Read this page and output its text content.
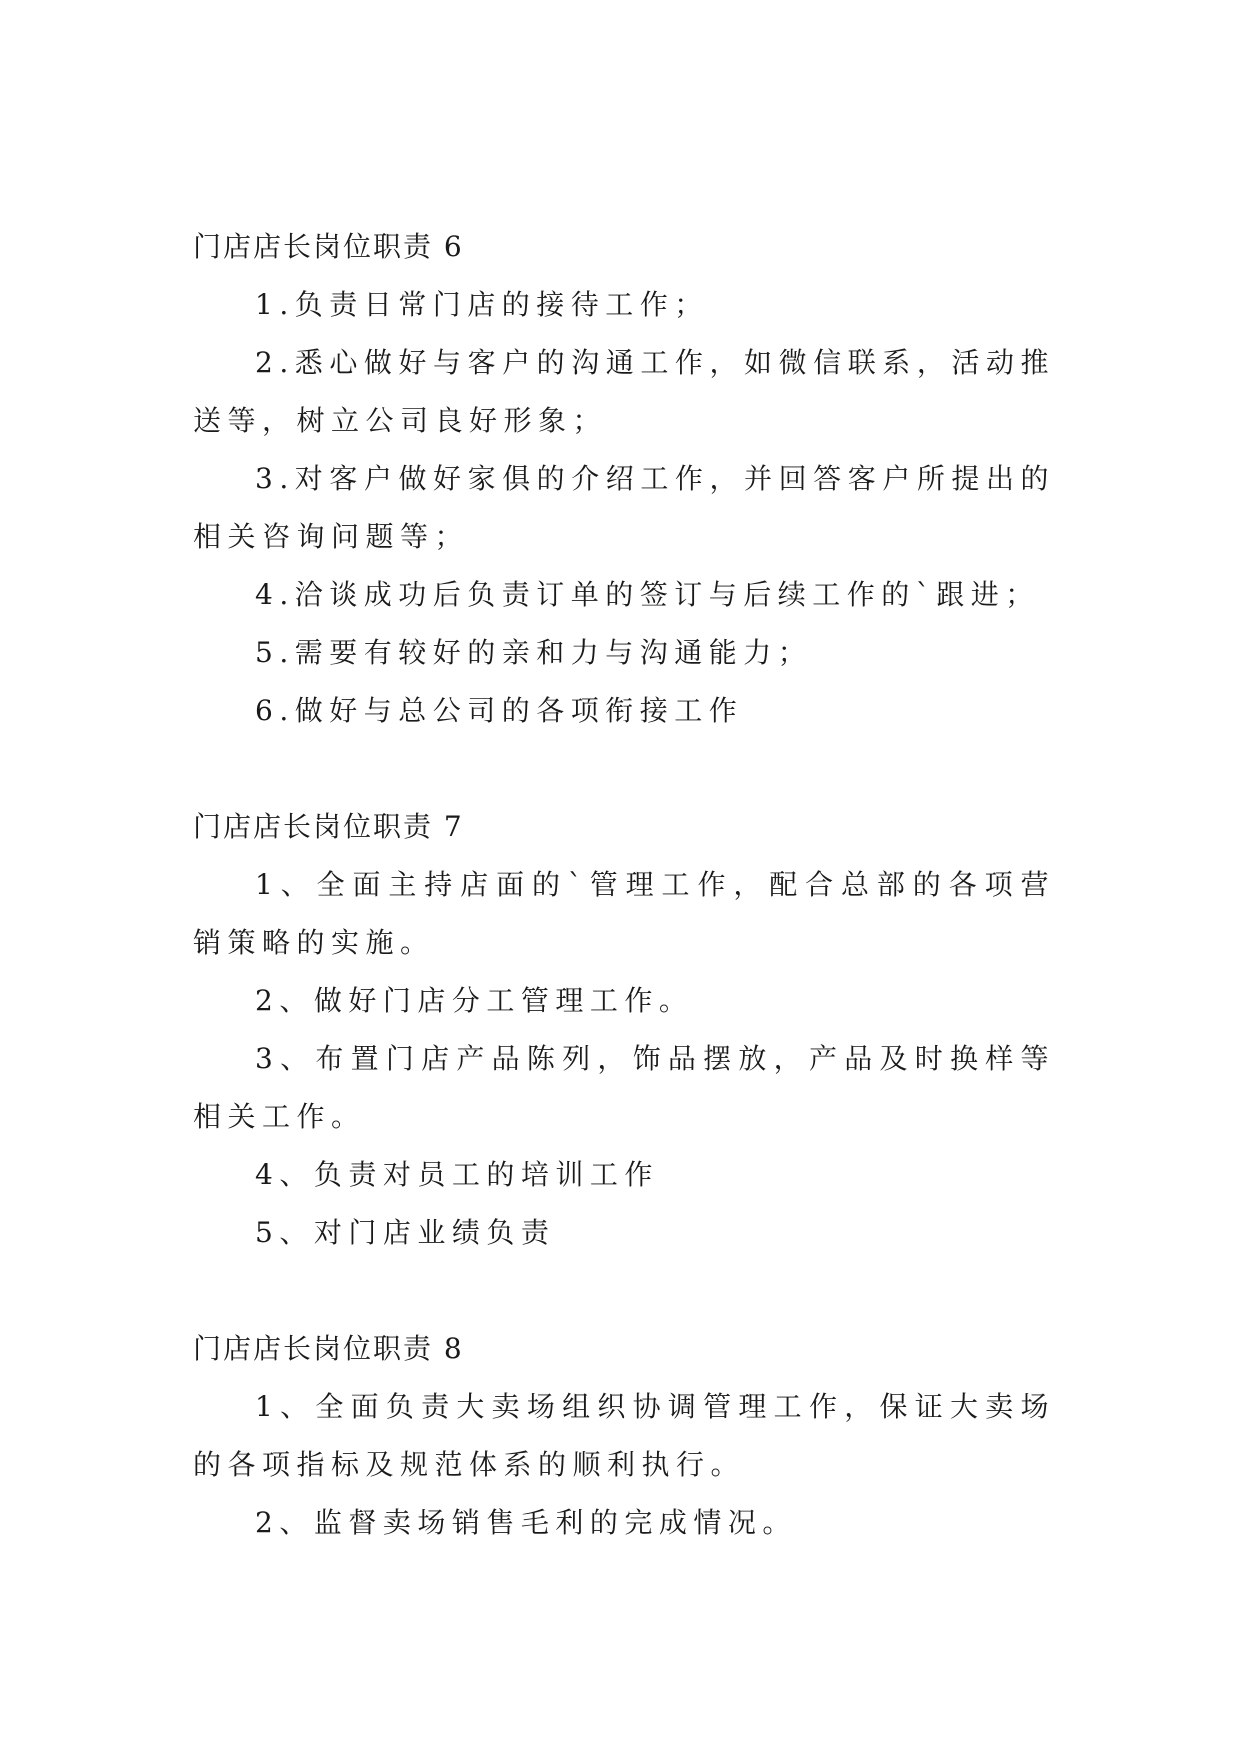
门店店长岗位职责 6

1.负责日常门店的接待工作；

2.悉心做好与客户的沟通工作，如微信联系，活动推送等，树立公司良好形象；

3.对客户做好家俱的介绍工作，并回答客户所提出的相关咨询问题等；

4.洽谈成功后负责订单的签订与后续工作的`跟进；

5.需要有较好的亲和力与沟通能力；

6.做好与总公司的各项衔接工作

门店店长岗位职责 7

1、全面主持店面的`管理工作，配合总部的各项营销策略的实施。

2、做好门店分工管理工作。

3、布置门店产品陈列，饰品摆放，产品及时换样等相关工作。

4、负责对员工的培训工作

5、对门店业绩负责

门店店长岗位职责 8

1、全面负责大卖场组织协调管理工作，保证大卖场的各项指标及规范体系的顺利执行。

2、监督卖场销售毛利的完成情况。
